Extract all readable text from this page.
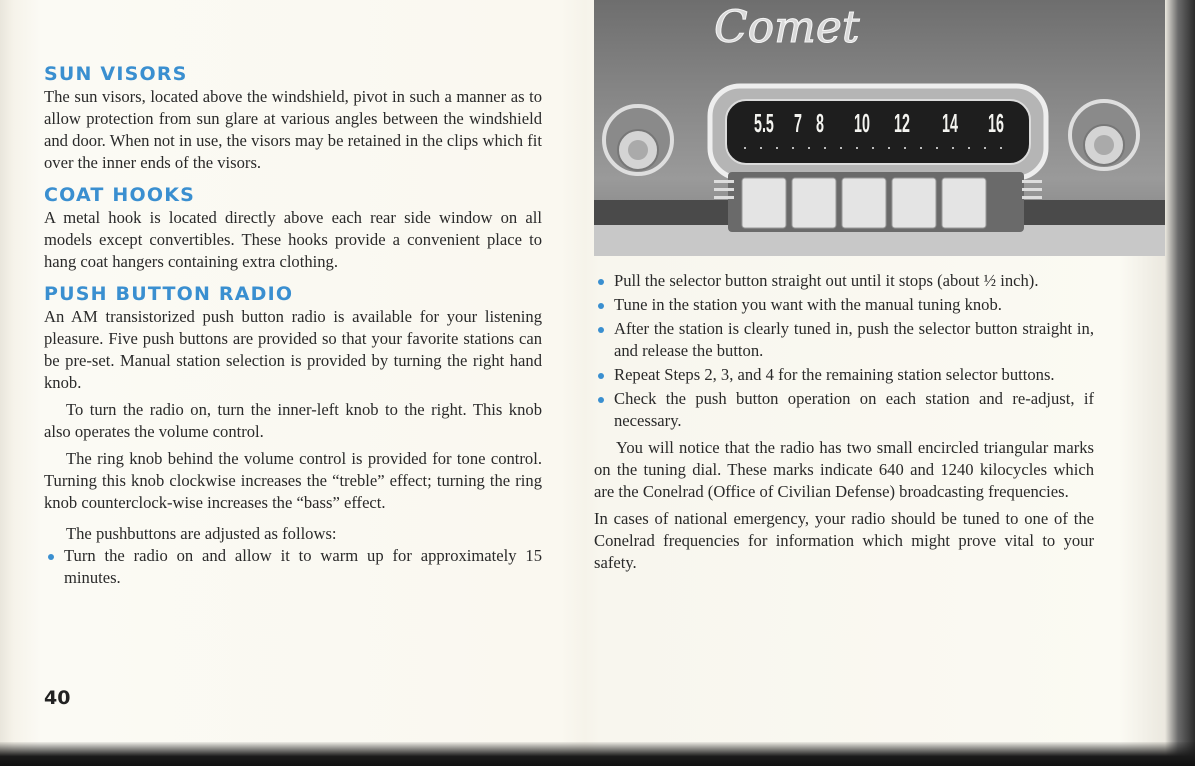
SUN VISORS

The sun visors, located above the windshield, pivot in such a manner as to allow protection from sun glare at various angles between the windshield and door. When not in use, the visors may be retained in the clips which fit over the inner ends of the visors.

COAT HOOKS

A metal hook is located directly above each rear side window on all models except convertibles. These hooks provide a convenient place to hang coat hangers containing extra clothing.

PUSH BUTTON RADIO

An AM transistorized push button radio is available for your listening pleasure. Five push buttons are provided so that your favorite stations can be pre-set. Manual station selection is provided by turning the right hand knob.

To turn the radio on, turn the inner-left knob to the right. This knob also operates the volume control.

The ring knob behind the volume control is provided for tone control. Turning this knob clockwise increases the “treble” effect; turning the ring knob counterclock-wise increases the “bass” effect.

The pushbuttons are adjusted as follows:

Turn the radio on and allow it to warm up for approximately 15 minutes.
40
Comet
5.5 7 8 10 12 14 16
Pull the selector button straight out until it stops (about ½ inch).
Tune in the station you want with the manual tuning knob.
After the station is clearly tuned in, push the selector button straight in, and release the button.
Repeat Steps 2, 3, and 4 for the remaining station selector buttons.
Check the push button operation on each station and re-adjust, if necessary.

You will notice that the radio has two small encircled triangular marks on the tuning dial. These marks indicate 640 and 1240 kilocycles which are the Conelrad (Office of Civilian Defense) broadcasting frequencies.

In cases of national emergency, your radio should be tuned to one of the Conelrad frequencies for information which might prove vital to your safety.
